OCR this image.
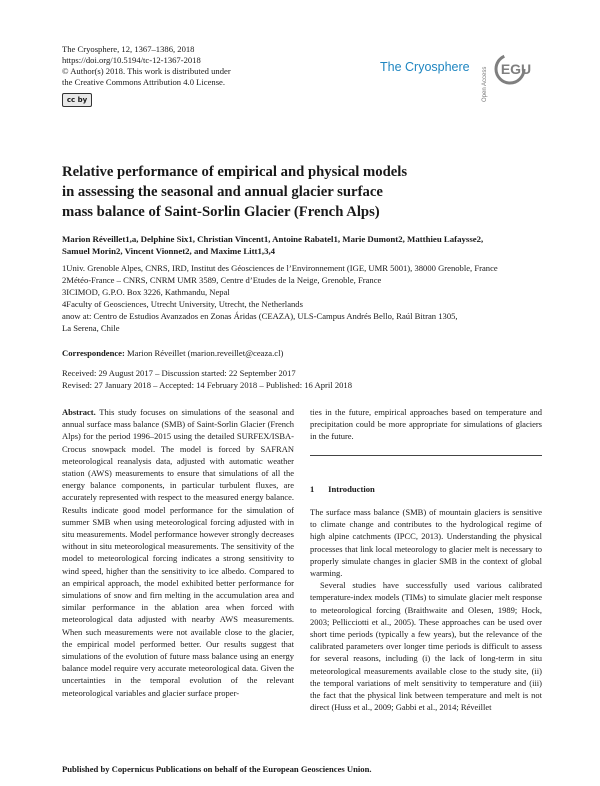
The Cryosphere, 12, 1367–1386, 2018
https://doi.org/10.5194/tc-12-1367-2018
© Author(s) 2018. This work is distributed under
the Creative Commons Attribution 4.0 License.
cc by
The Cryosphere Open Access EGU
Relative performance of empirical and physical models
in assessing the seasonal and annual glacier surface
mass balance of Saint-Sorlin Glacier (French Alps)
Marion Réveillet1,a, Delphine Six1, Christian Vincent1, Antoine Rabatel1, Marie Dumont2, Matthieu Lafaysse2,
Samuel Morin2, Vincent Vionnet2, and Maxime Litt1,3,4
1Univ. Grenoble Alpes, CNRS, IRD, Institut des Géosciences de l’Environnement (IGE, UMR 5001), 38000 Grenoble, France
2Météo-France – CNRS, CNRM UMR 3589, Centre d’Etudes de la Neige, Grenoble, France
3ICIMOD, G.P.O. Box 3226, Kathmandu, Nepal
4Faculty of Geosciences, Utrecht University, Utrecht, the Netherlands
anow at: Centro de Estudios Avanzados en Zonas Áridas (CEAZA), ULS-Campus Andrés Bello, Raúl Bitran 1305,
La Serena, Chile
Correspondence: Marion Réveillet (marion.reveillet@ceaza.cl)
Received: 29 August 2017 – Discussion started: 22 September 2017
Revised: 27 January 2018 – Accepted: 14 February 2018 – Published: 16 April 2018

Abstract. This study focuses on simulations of the seasonal and annual surface mass balance (SMB) of Saint-Sorlin Glacier (French Alps) for the period 1996–2015 using the detailed SURFEX/ISBA-Crocus snowpack model. The model is forced by SAFRAN meteorological reanalysis data, adjusted with automatic weather station (AWS) measurements to ensure that simulations of all the energy balance components, in particular turbulent fluxes, are accurately represented with respect to the measured energy balance. Results indicate good model performance for the simulation of summer SMB when using meteorological forcing adjusted with in situ measurements. Model performance however strongly decreases without in situ meteorological measurements. The sensitivity of the model to meteorological forcing indicates a strong sensitivity to wind speed, higher than the sensitivity to ice albedo. Compared to an empirical approach, the model exhibited better performance for simulations of snow and firn melting in the accumulation area and similar performance in the ablation area when forced with meteorological data adjusted with nearby AWS measurements. When such measurements were not available close to the glacier, the empirical model performed better. Our results suggest that simulations of the evolution of future mass balance using an energy balance model require very accurate meteorological data. Given the uncertainties in the temporal evolution of the relevant meteorological variables and glacier surface proper-

ties in the future, empirical approaches based on temperature and precipitation could be more appropriate for simulations of glaciers in the future.

1 Introduction

The surface mass balance (SMB) of mountain glaciers is sensitive to climate change and contributes to the hydrological regime of high alpine catchments (IPCC, 2013). Understanding the physical processes that link local meteorology to glacier melt is necessary to properly simulate changes in glacier SMB in the context of global warming.

Several studies have successfully used various calibrated temperature-index models (TIMs) to simulate glacier melt response to meteorological forcing (Braithwaite and Olesen, 1989; Hock, 2003; Pellicciotti et al., 2005). These approaches can be used over short time periods (typically a few years), but the relevance of the calibrated parameters over longer time periods is difficult to assess for several reasons, including (i) the lack of long-term in situ meteorological measurements available close to the study site, (ii) the temporal variations of melt sensitivity to temperature and (iii) the fact that the physical link between temperature and melt is not direct (Huss et al., 2009; Gabbi et al., 2014; Réveillet

Published by Copernicus Publications on behalf of the European Geosciences Union.
